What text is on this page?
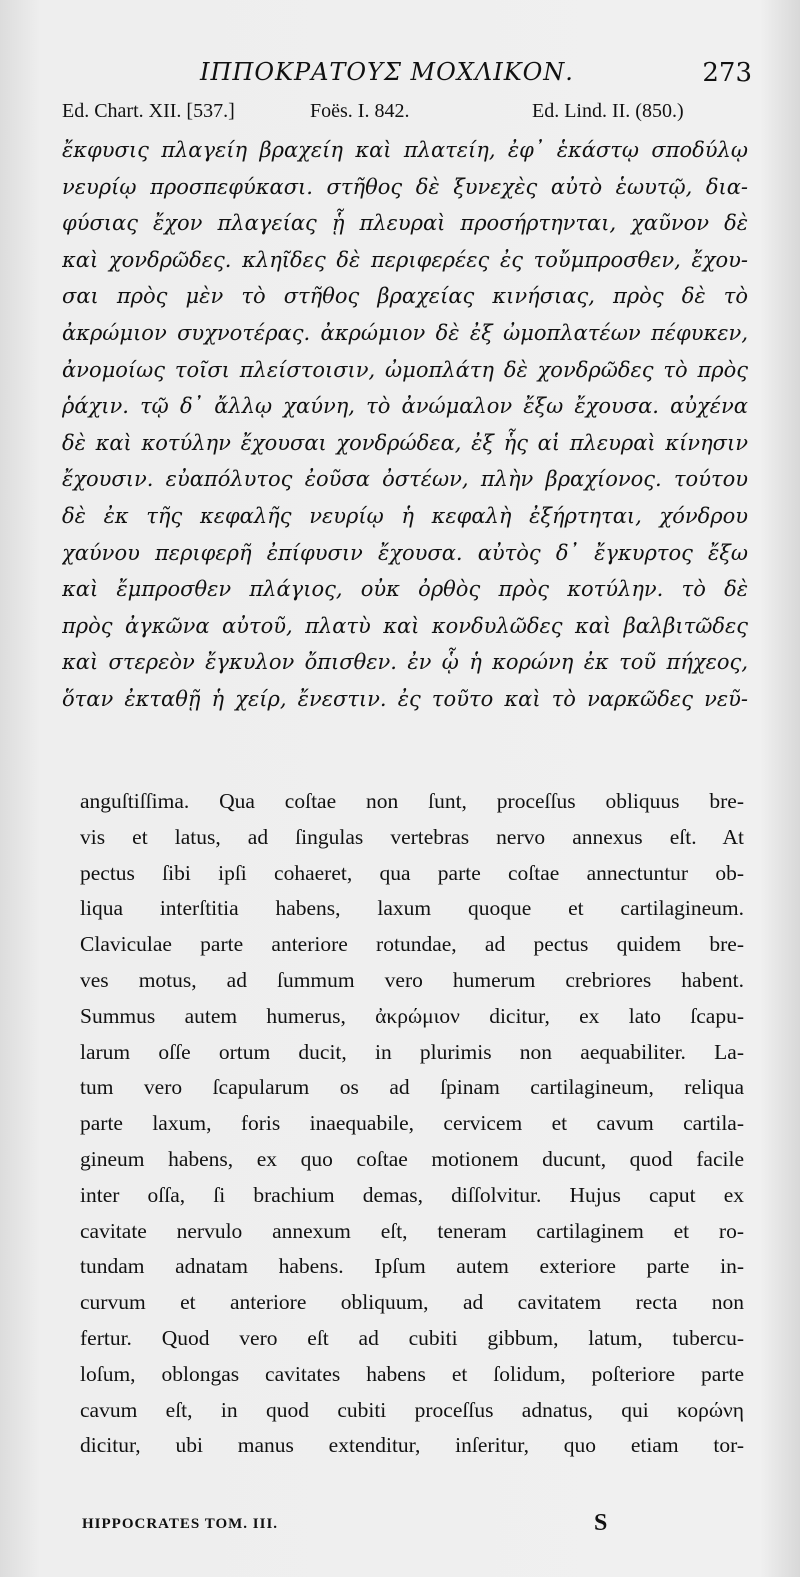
ΙΠΠΟΚΡΑΤΟΥΣ ΜΟΧΛΙΚΟΝ.	273
Ed. Chart. XII. [537.]	Foës. I. 842.	Ed. Lind. II. (850.)
ἔκφυσις πλαγείη βραχείη καὶ πλατείη, ἐφ᾽ ἑκάστῳ σποδύλῳ
νευρίῳ προσπεφύκασι. στῆθος δὲ ξυνεχὲς αὐτὸ ἑωυτῷ, δια-
φύσιας ἔχον πλαγείας ᾗ πλευραὶ προσήρτηνται, χαῦνον δὲ
καὶ χονδρῶδες. κληῖδες δὲ περιφερέες ἐς τοὔμπροσθεν, ἔχου-
σαι πρὸς μὲν τὸ στῆθος βραχείας κινήσιας, πρὸς δὲ τὸ
ἀκρώμιον συχνοτέρας. ἀκρώμιον δὲ ἐξ ὠμοπλατέων πέφυκεν,
ἀνομοίως τοῖσι πλείστοισιν, ὠμοπλάτη δὲ χονδρῶδες τὸ πρὸς
ῥάχιν. τῷ δ᾽ ἄλλῳ χαύνη, τὸ ἀνώμαλον ἔξω ἔχουσα. αὐχένα
δὲ καὶ κοτύλην ἔχουσαι χονδρώδεα, ἐξ ἧς αἱ πλευραὶ κίνησιν
ἔχουσιν. εὐαπόλυτος ἐοῦσα ὀστέων, πλὴν βραχίονος. τούτου
δὲ ἐκ τῆς κεφαλῆς νευρίῳ ἡ κεφαλὴ ἐξήρτηται, χόνδρου
χαύνου περιφερῆ ἐπίφυσιν ἔχουσα. αὐτὸς δ᾽ ἔγκυρτος ἔξω
καὶ ἔμπροσθεν πλάγιος, οὐκ ὀρθὸς πρὸς κοτύλην. τὸ δὲ
πρὸς ἀγκῶνα αὐτοῦ, πλατὺ καὶ κονδυλῶδες καὶ βαλβιτῶδες
καὶ στερεὸν ἔγκυλον ὄπισθεν. ἐν ᾧ ἡ κορώνη ἐκ τοῦ πήχεος,
ὅταν ἐκταθῇ ἡ χείρ, ἔνεστιν. ἐς τοῦτο καὶ τὸ ναρκῶδες νεῦ-
anguſtiſſima. Qua coſtae non ſunt, proceſſus obliquus bre-
vis et latus, ad ſingulas vertebras nervo annexus eſt. At
pectus ſibi ipſi cohaeret, qua parte coſtae annectuntur ob-
liqua interſtitia habens, laxum quoque et cartilagineum.
Claviculae parte anteriore rotundae, ad pectus quidem bre-
ves motus, ad ſummum vero humerum crebriores habent.
Summus autem humerus, ἀκρώμιον dicitur, ex lato ſcapu-
larum oſſe ortum ducit, in plurimis non aequabiliter. La-
tum vero ſcapularum os ad ſpinam cartilagineum, reliqua
parte laxum, foris inaequabile, cervicem et cavum cartila-
gineum habens, ex quo coſtae motionem ducunt, quod facile
inter oſſa, ſi brachium demas, diſſolvitur. Hujus caput ex
cavitate nervulo annexum eſt, teneram cartilaginem et ro-
tundam adnatam habens. Ipſum autem exteriore parte in-
curvum et anteriore obliquum, ad cavitatem recta non
fertur. Quod vero eſt ad cubiti gibbum, latum, tubercu-
loſum, oblongas cavitates habens et ſolidum, poſteriore parte
cavum eſt, in quod cubiti proceſſus adnatus, qui κορώνη
dicitur, ubi manus extenditur, inſeritur, quo etiam tor-
HIPPOCRATES TOM. III.	S
